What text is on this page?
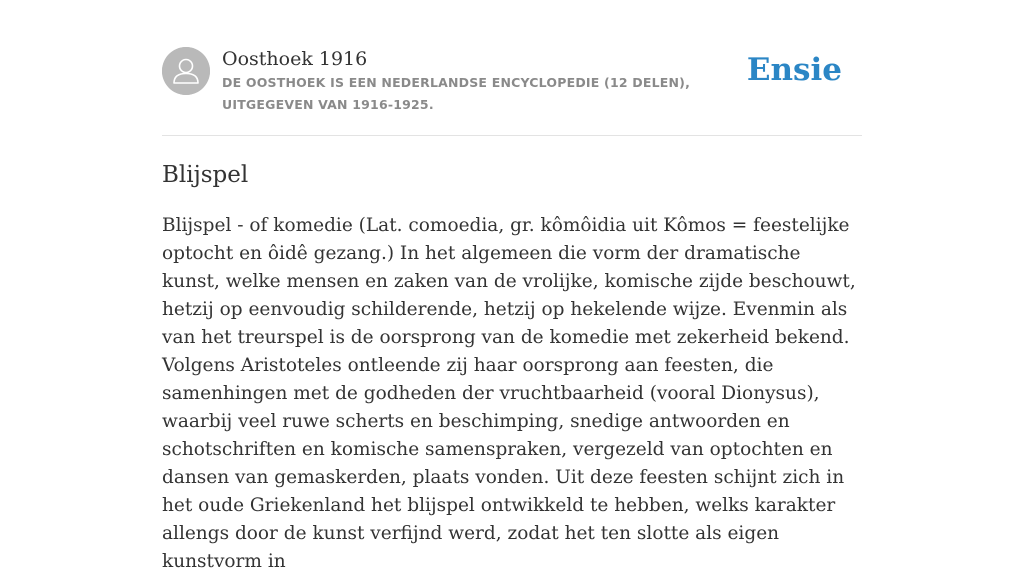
Oosthoek 1916
DE OOSTHOEK IS EEN NEDERLANDSE ENCYCLOPEDIE (12 DELEN), UITGEGEVEN VAN 1916-1925.
Ensie
Blijspel

Blijspel - of komedie (Lat. comoedia, gr. kômôidia uit Kômos = feestelijke optocht en ôidê gezang.) In het algemeen die vorm der dramatische kunst, welke mensen en zaken van de vrolijke, komische zijde beschouwt, hetzij op eenvoudig schilderende, hetzij op hekelende wijze. Evenmin als van het treurspel is de oorsprong van de komedie met zekerheid bekend. Volgens Aristoteles ontleende zij haar oorsprong aan feesten, die samenhingen met de godheden der vruchtbaarheid (vooral Dionysus), waarbij veel ruwe scherts en beschimping, snedige antwoorden en schotschriften en komische samenspraken, vergezeld van optochten en dansen van gemaskerden, plaats vonden. Uit deze feesten schijnt zich in het oude Griekenland het blijspel ontwikkeld te hebben, welks karakter allengs door de kunst verfijnd werd, zodat het ten slotte als eigen kunstvorm in
